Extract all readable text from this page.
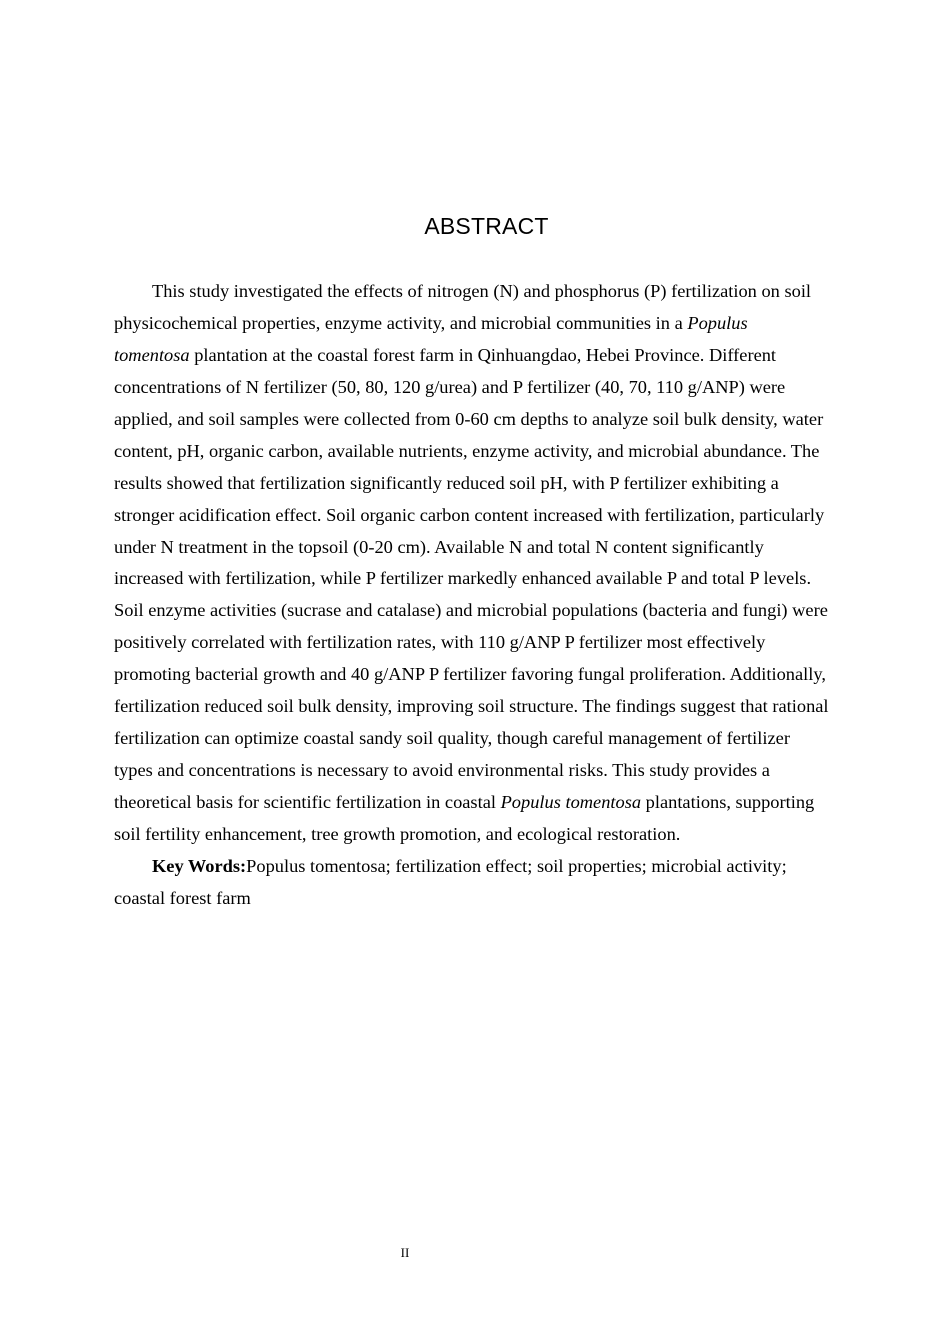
ABSTRACT
This study investigated the effects of nitrogen (N) and phosphorus (P) fertilization on soil
physicochemical properties, enzyme activity, and microbial communities in a Populus
tomentosa plantation at the coastal forest farm in Qinhuangdao, Hebei Province. Different
concentrations of N fertilizer (50, 80, 120 g/urea) and P fertilizer (40, 70, 110 g/ANP) were
applied, and soil samples were collected from 0-60 cm depths to analyze soil bulk density, water
content, pH, organic carbon, available nutrients, enzyme activity, and microbial abundance. The
results showed that fertilization significantly reduced soil pH, with P fertilizer exhibiting a
stronger acidification effect. Soil organic carbon content increased with fertilization, particularly
under N treatment in the topsoil (0-20 cm). Available N and total N content significantly
increased with fertilization, while P fertilizer markedly enhanced available P and total P levels.
Soil enzyme activities (sucrase and catalase) and microbial populations (bacteria and fungi) were
positively correlated with fertilization rates, with 110 g/ANP P fertilizer most effectively
promoting bacterial growth and 40 g/ANP P fertilizer favoring fungal proliferation. Additionally,
fertilization reduced soil bulk density, improving soil structure. The findings suggest that rational
fertilization can optimize coastal sandy soil quality, though careful management of fertilizer
types and concentrations is necessary to avoid environmental risks. This study provides a
theoretical basis for scientific fertilization in coastal Populus tomentosa plantations, supporting
soil fertility enhancement, tree growth promotion, and ecological restoration.
Key Words:Populus tomentosa; fertilization effect; soil properties; microbial activity;
coastal forest farm
II
